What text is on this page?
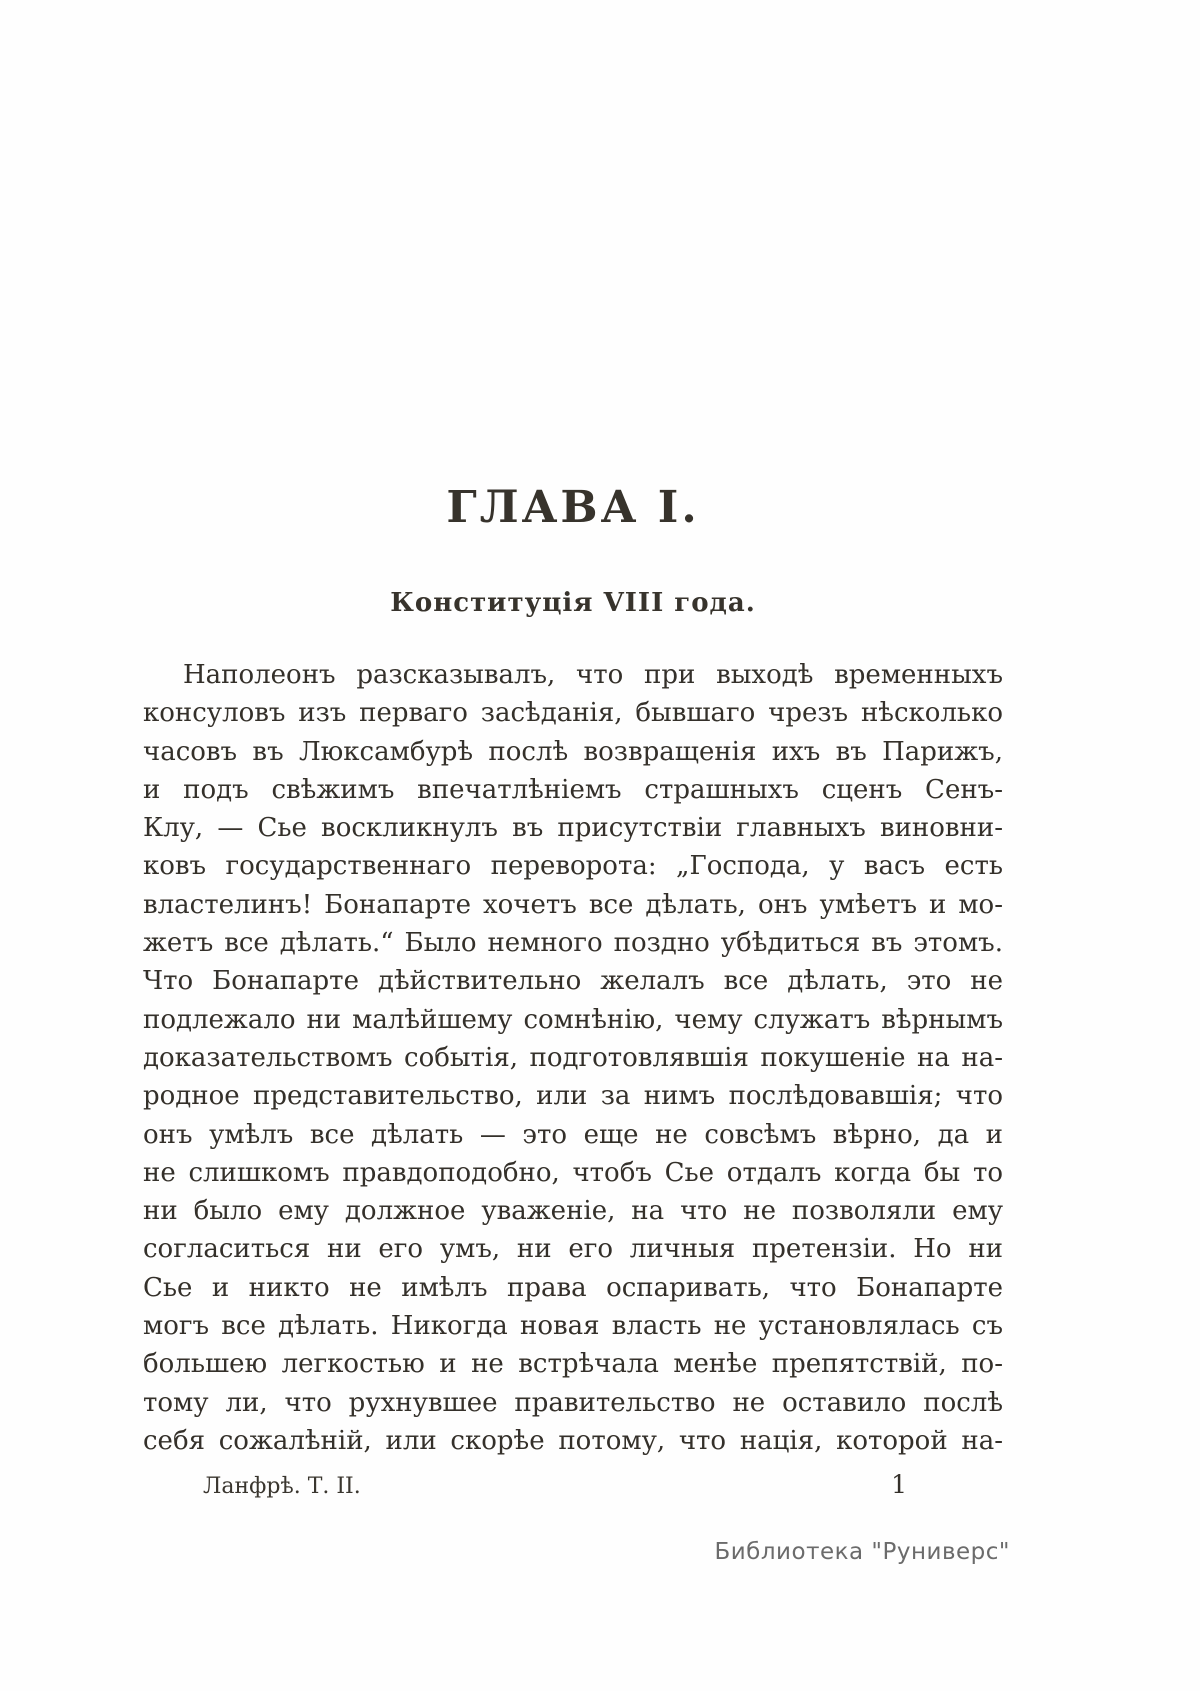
ГЛАВА I.
Конституція VIII года.
Наполеонъ разсказывалъ, что при выходѣ временныхъ
консуловъ изъ перваго засѣданія, бывшаго чрезъ нѣсколько
часовъ въ Люксамбурѣ послѣ возвращенія ихъ въ Парижъ,
и подъ свѣжимъ впечатлѣніемъ страшныхъ сценъ Сенъ-
Клу, — Сье воскликнулъ въ присутствіи главныхъ виновни-
ковъ государственнаго переворота: „Господа, у васъ есть
властелинъ! Бонапарте хочетъ все дѣлать, онъ умѣетъ и мо-
жетъ все дѣлать.“ Было немного поздно убѣдиться въ этомъ.
Что Бонапарте дѣйствительно желалъ все дѣлать, это не
подлежало ни малѣйшему сомнѣнію, чему служатъ вѣрнымъ
доказательствомъ событія, подготовлявшія покушеніе на на-
родное представительство, или за нимъ послѣдовавшія; что
онъ умѣлъ все дѣлать — это еще не совсѣмъ вѣрно, да и
не слишкомъ правдоподобно, чтобъ Сье отдалъ когда бы то
ни было ему должное уваженіе, на что не позволяли ему
согласиться ни его умъ, ни его личныя претензіи. Но ни
Сье и никто не имѣлъ права оспаривать, что Бонапарте
могъ все дѣлать. Никогда новая власть не установлялась съ
большею легкостью и не встрѣчала менѣе препятствій, по-
тому ли, что рухнувшее правительство не оставило послѣ
себя сожалѣній, или скорѣе потому, что нація, которой на-
Ланфрѣ. Т. II.	1
Библиотека "Руниверс"
